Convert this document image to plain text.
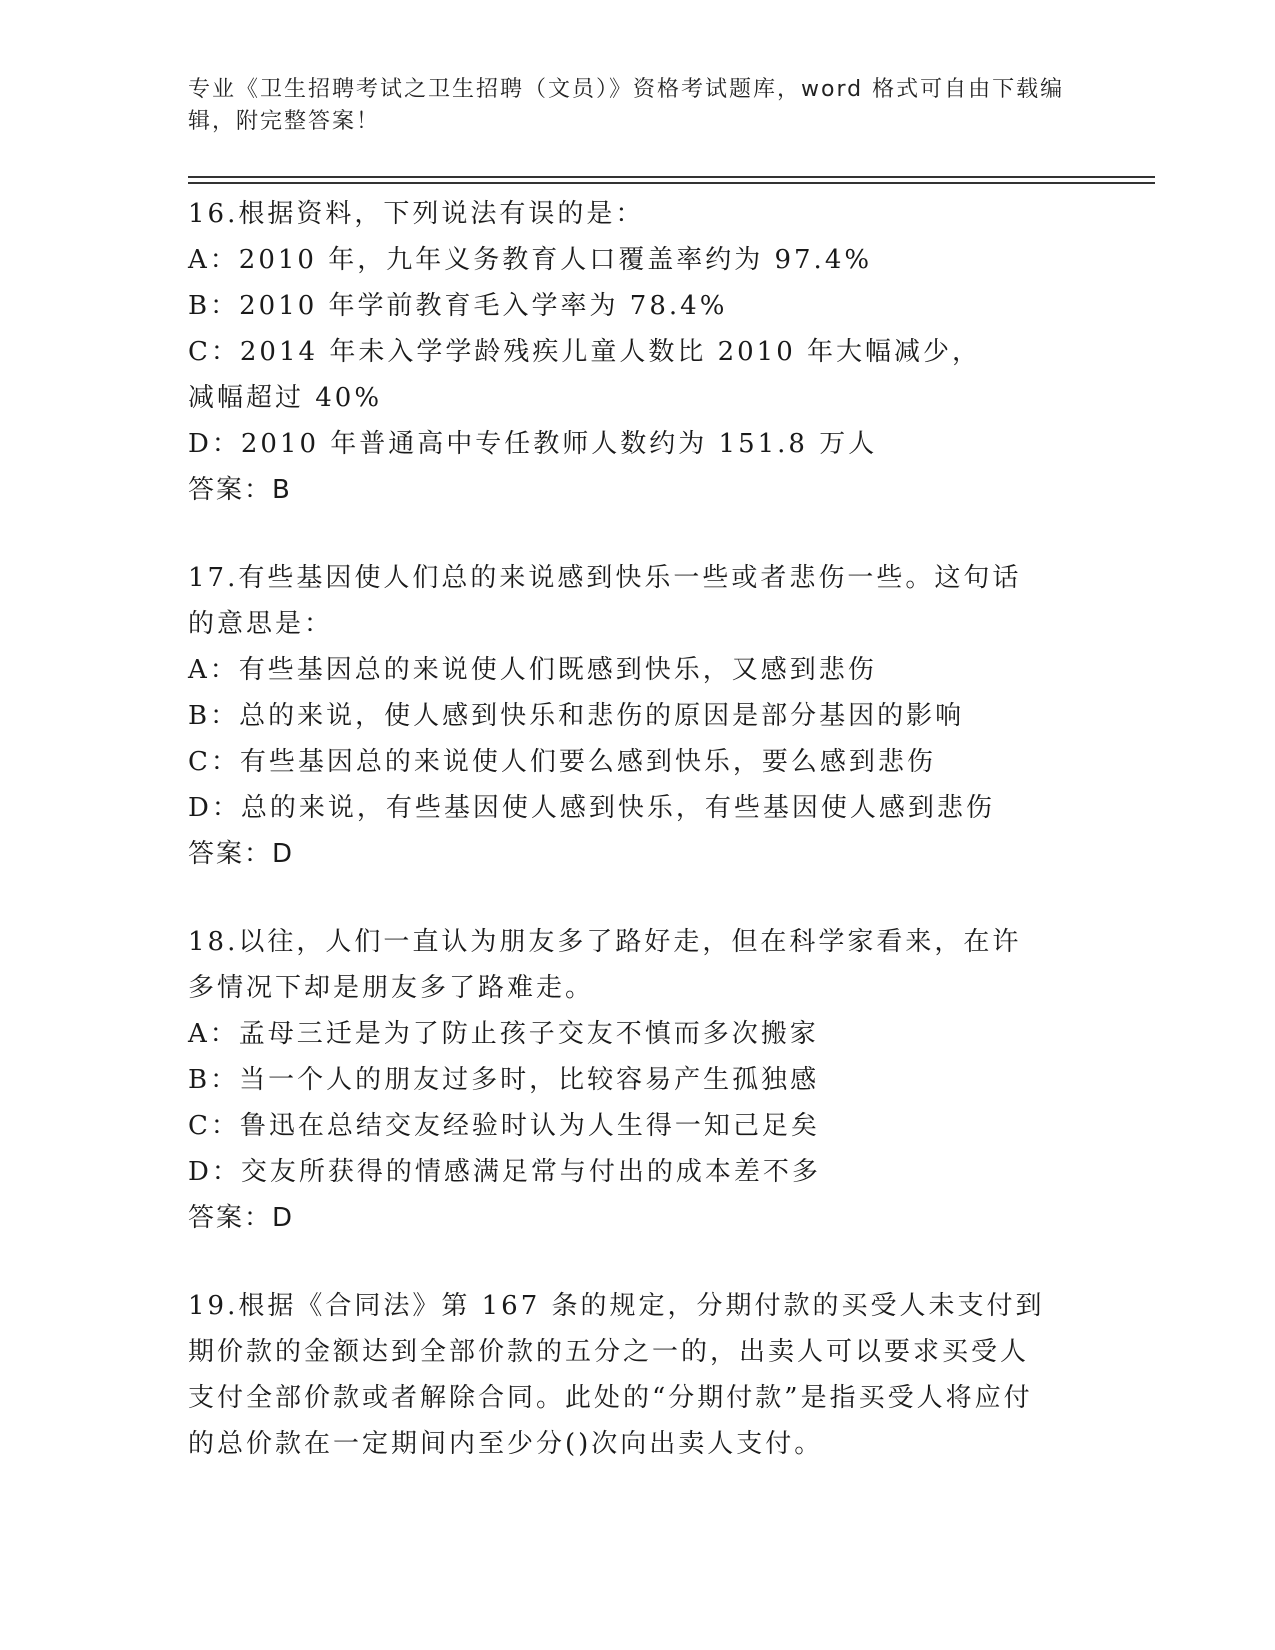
专业《卫生招聘考试之卫生招聘（文员）》资格考试题库，word 格式可自由下载编辑，附完整答案！
16.根据资料，下列说法有误的是：
A：2010 年，九年义务教育人口覆盖率约为 97.4%
B：2010 年学前教育毛入学率为 78.4%
C：2014 年未入学学龄残疾儿童人数比 2010 年大幅减少，减幅超过 40%
D：2010 年普通高中专任教师人数约为 151.8 万人
答案：B
17.有些基因使人们总的来说感到快乐一些或者悲伤一些。这句话的意思是：
A：有些基因总的来说使人们既感到快乐，又感到悲伤
B：总的来说，使人感到快乐和悲伤的原因是部分基因的影响
C：有些基因总的来说使人们要么感到快乐，要么感到悲伤
D：总的来说，有些基因使人感到快乐，有些基因使人感到悲伤
答案：D
18.以往，人们一直认为朋友多了路好走，但在科学家看来，在许多情况下却是朋友多了路难走。
A：孟母三迁是为了防止孩子交友不慎而多次搬家
B：当一个人的朋友过多时，比较容易产生孤独感
C：鲁迅在总结交友经验时认为人生得一知己足矣
D：交友所获得的情感满足常与付出的成本差不多
答案：D
19.根据《合同法》第 167 条的规定，分期付款的买受人未支付到期价款的金额达到全部价款的五分之一的，出卖人可以要求买受人支付全部价款或者解除合同。此处的“分期付款”是指买受人将应付的总价款在一定期间内至少分()次向出卖人支付。
